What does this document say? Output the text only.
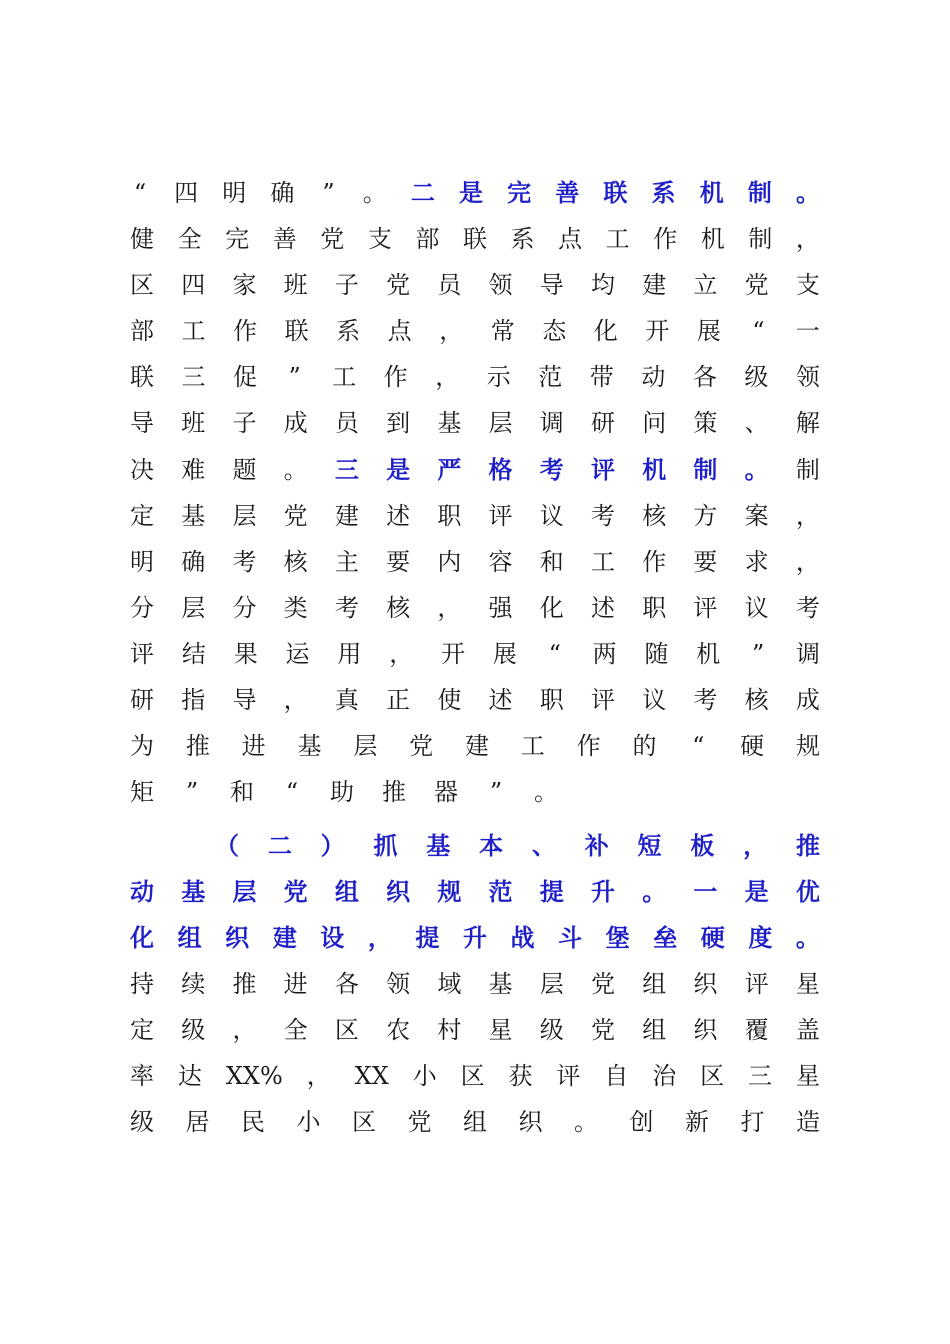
“ 四 明 确 ” 。 二 是 完 善 联 系 机 制 。
健 全 完 善 党 支 部 联 系 点 工 作 机 制 ，
区 四 家 班 子 党 员 领 导 均 建 立 党 支
部 工 作 联 系 点 ， 常 态 化 开 展 “ 一
联 三 促 ” 工 作 ， 示 范 带 动 各 级 领
导 班 子 成 员 到 基 层 调 研 问 策 、 解
决 难 题 。 三 是 严 格 考 评 机 制 。 制
定 基 层 党 建 述 职 评 议 考 核 方 案 ，
明 确 考 核 主 要 内 容 和 工 作 要 求 ，
分 层 分 类 考 核 ， 强 化 述 职 评 议 考
评 结 果 运 用 ， 开 展 “ 两 随 机 ” 调
研 指 导 ， 真 正 使 述 职 评 议 考 核 成
为 推 进 基 层 党 建 工 作 的 “ 硬 规
矩 ” 和 “ 助 推 器 ” 。
（ 二 ） 抓 基 本 、 补 短 板 ， 推
动 基 层 党 组 织 规 范 提 升 。 一 是 优
化 组 织 建 设 ， 提 升 战 斗 堡 垒 硬 度 。
持 续 推 进 各 领 域 基 层 党 组 织 评 星
定 级 ， 全 区 农 村 星 级 党 组 织 覆 盖
率 达 XX% ， XX 小 区 获 评 自 治 区 三 星
级 居 民 小 区 党 组 织 。 创 新 打 造
